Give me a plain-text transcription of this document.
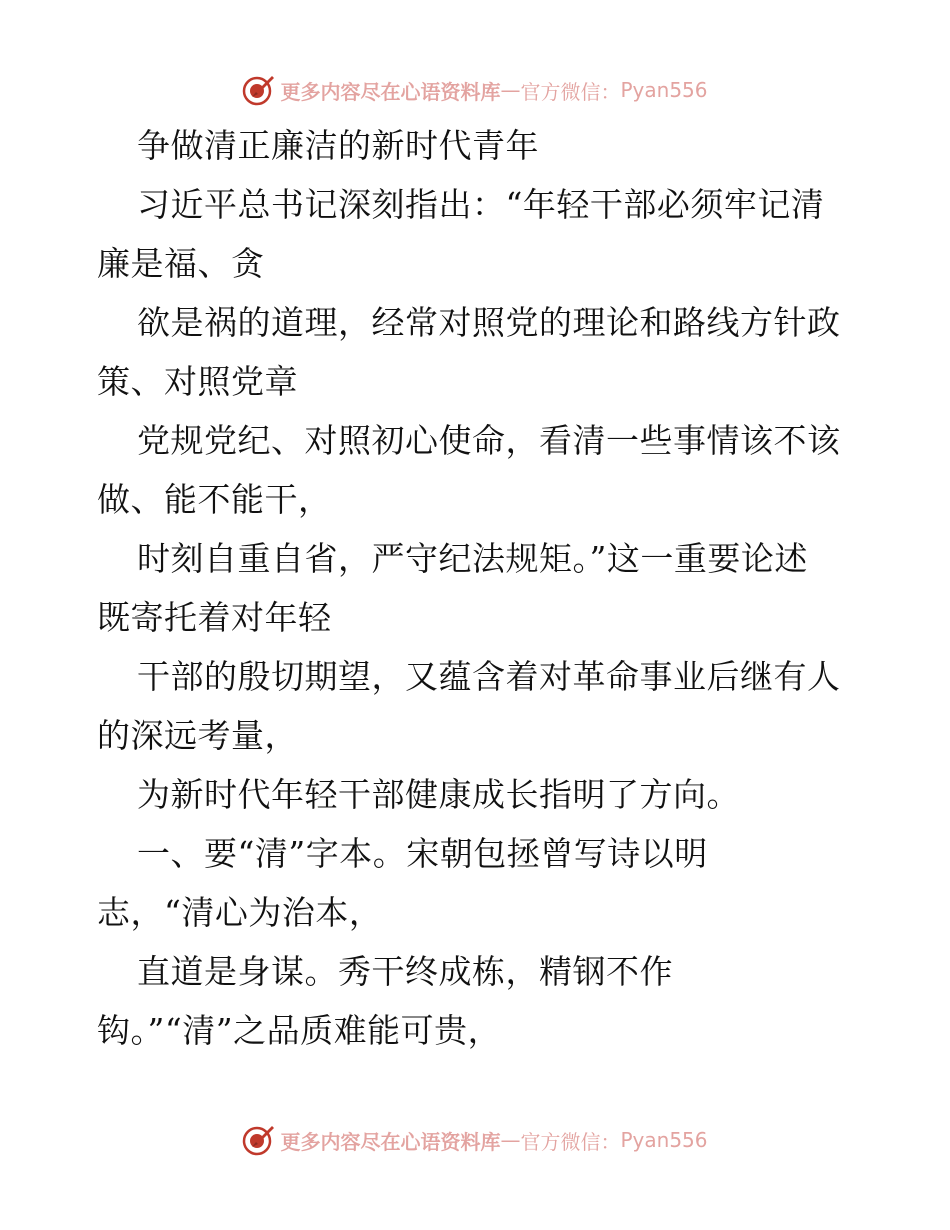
更多内容尽在心语资料库 — 官方微信： Pyan556
争做清正廉洁的新时代青年
习近平总书记深刻指出：“年轻干部必须牢记清
廉是福、贪
欲是祸的道理，经常对照党的理论和路线方针政
策、对照党章
党规党纪、对照初心使命，看清一些事情该不该
做、能不能干，
时刻自重自省，严守纪法规矩。”这一重要论述
既寄托着对年轻
干部的殷切期望，又蕴含着对革命事业后继有人
的深远考量，
为新时代年轻干部健康成长指明了方向。
一、要“清”字本。宋朝包拯曾写诗以明
志，“清心为治本，
直道是身谋。秀干终成栋，精钢不作
钩。”“清”之品质难能可贵，
更多内容尽在心语资料库 — 官方微信： Pyan556
